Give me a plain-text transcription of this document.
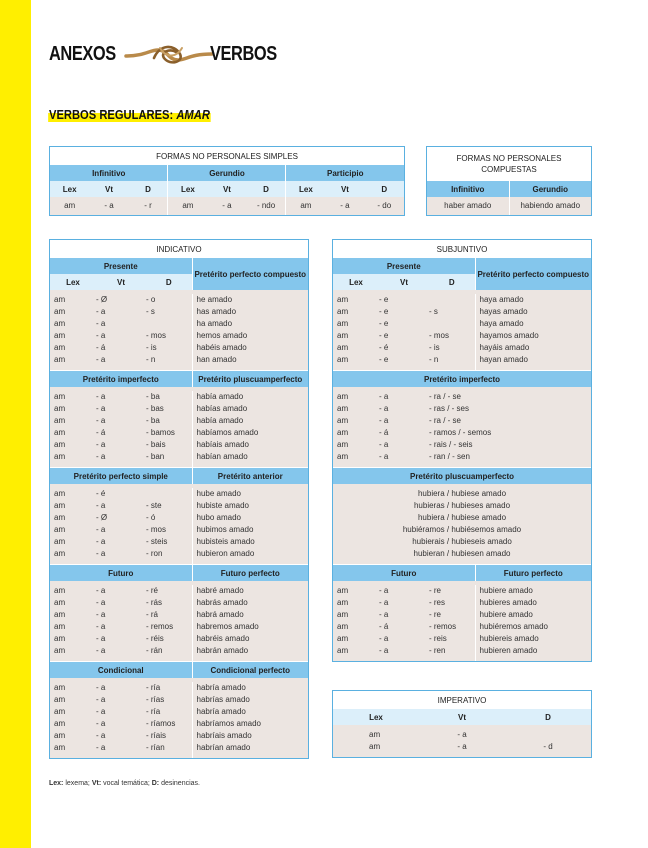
ANEXOS	VERBOS
VERBOS REGULARES: AMAR
FORMAS NO PERSONALES SIMPLES								
Infinitivo			Gerundio			Participio		
Lex	Vt	D	Lex	Vt	D	Lex	Vt	D
am	- a	- r	am	- a	- ndo	am	- a	- do
FORMAS NO PERSONALES COMPUESTAS	
Infinitivo	Gerundio
haber amado	habiendo amado
INDICATIVO			
Presente			Pretérito perfecto compuesto
Lex	Vt	D	

am	- Ø	- o	he amado
am	- a	- s	has amado
am	- a		ha amado
am	- a	- mos	hemos amado
am	- á	- is	habéis amado
am	- a	- n	han amado

Pretérito imperfecto			Pretérito pluscuamperfecto

am	- a	- ba	había amado
am	- a	- bas	habías amado
am	- a	- ba	había amado
am	- á	- bamos	habíamos amado
am	- a	- bais	habíais amado
am	- a	- ban	habían amado

Pretérito perfecto simple			Pretérito anterior

am	- é		hube amado
am	- a	- ste	hubiste amado
am	- Ø	- ó	hubo amado
am	- a	- mos	hubimos amado
am	- a	- steis	hubisteis amado
am	- a	- ron	hubieron amado

Futuro			Futuro perfecto

am	- a	- ré	habré amado
am	- a	- rás	habrás amado
am	- a	- rá	habrá amado
am	- a	- remos	habremos amado
am	- a	- réis	habréis amado
am	- a	- rán	habrán amado

Condicional			Condicional perfecto

am	- a	- ría	habría amado
am	- a	- rías	habrías amado
am	- a	- ría	habría amado
am	- a	- ríamos	habríamos amado
am	- a	- ríais	habríais amado
am	- a	- rían	habrían amado

SUBJUNTIVO			
Presente			Pretérito perfecto compuesto
Lex	Vt	D	

am	- e		haya amado
am	- e	- s	hayas amado
am	- e		haya amado
am	- e	- mos	hayamos amado
am	- é	- is	hayáis amado
am	- e	- n	hayan amado

Pretérito imperfecto			

am	- a	- ra / - se	
am	- a	- ras / - ses	
am	- a	- ra / - se	
am	- á	- ramos / - semos	
am	- a	- rais / - seis	
am	- a	- ran / - sen	

Pretérito pluscuamperfecto			

hubiera / hubiese amado			
hubieras / hubieses amado			
hubiera / hubiese amado			
hubiéramos / hubiésemos amado			
hubierais / hubieseis amado			
hubieran / hubiesen amado			

Futuro			Futuro perfecto

am	- a	- re	hubiere amado
am	- a	- res	hubieres amado
am	- a	- re	hubiere amado
am	- á	- remos	hubiéremos amado
am	- a	- reis	hubiereis amado
am	- a	- ren	hubieren amado

IMPERATIVO		
Lex	Vt	D

am	- a	
am	- a	- d

Lex: lexema; Vt: vocal temática; D: desinencias.
